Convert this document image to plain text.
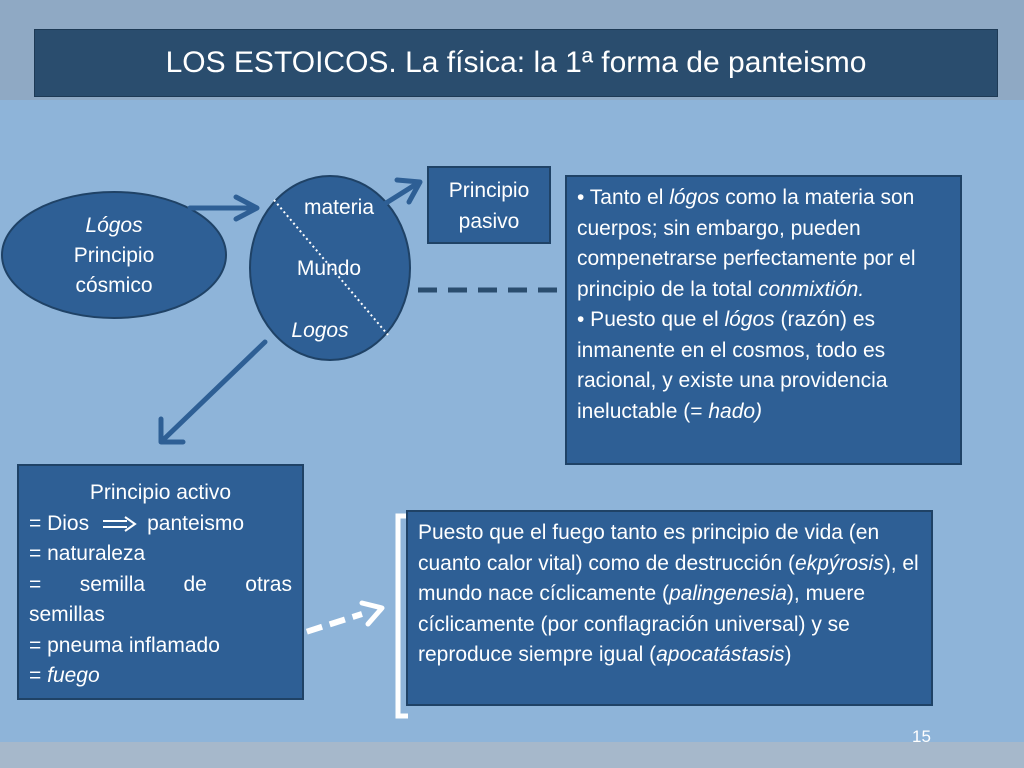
LOS ESTOICOS. La física: la 1ª forma de panteismo
Lógos
Principio
cósmico
materia
Mundo
Logos
Principio
pasivo

• Tanto el lógos como la materia son cuerpos; sin embargo, pueden compenetrarse perfectamente por el principio de la total conmixtión.

• Puesto que el lógos (razón) es inmanente en el cosmos, todo es racional, y existe una providencia ineluctable (= hado)

Principio activo
= Dios	panteismo
= naturaleza
= semilla de otras
semillas
= pneuma inflamado
= fuego

Puesto que el fuego tanto es principio de vida (en cuanto calor vital) como de destrucción (ekpýrosis), el mundo nace cíclicamente (palingenesia), muere cíclicamente (por conflagración universal) y se reproduce siempre igual (apocatástasis)

15
